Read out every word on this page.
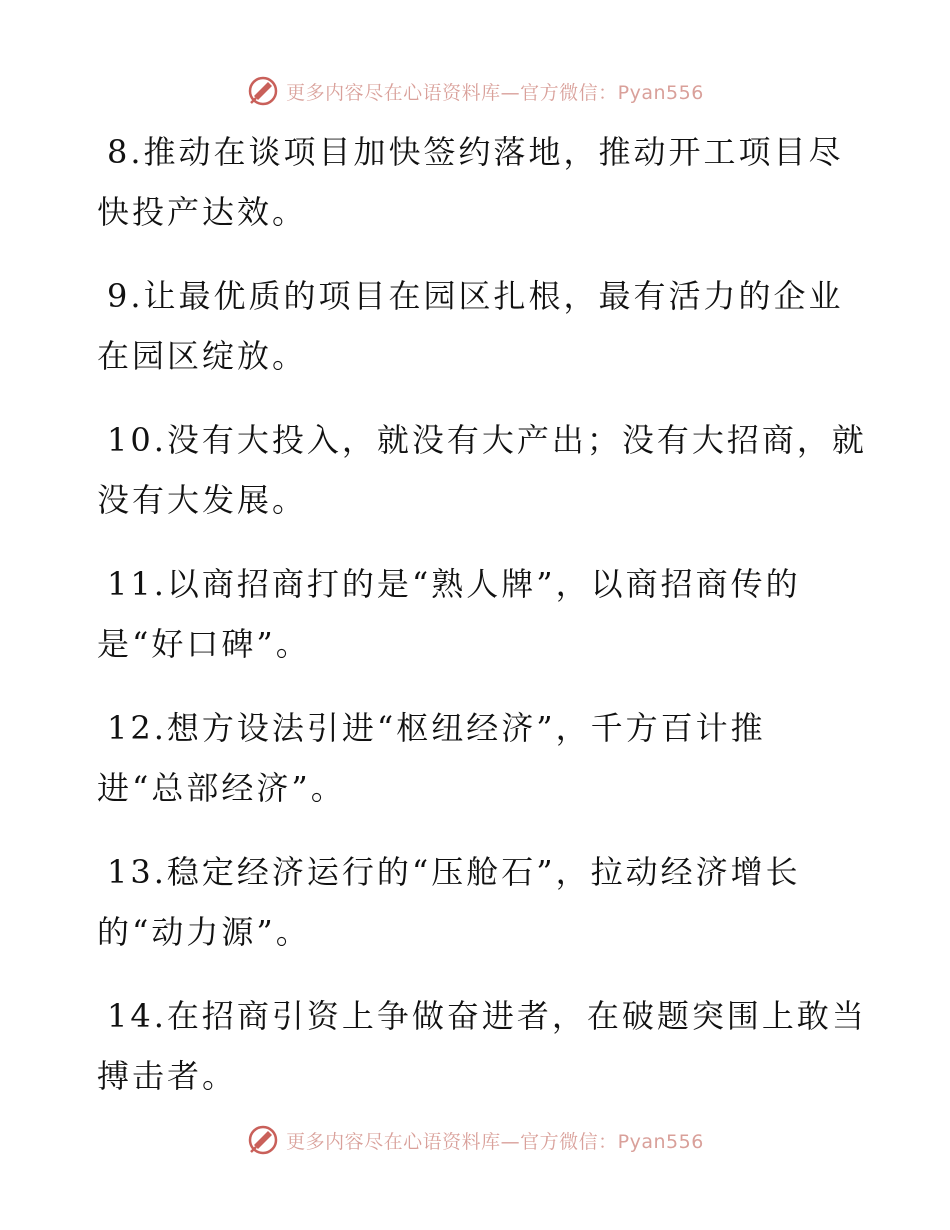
更多内容尽在心语资料库—官方微信：Pyan556

8.推动在谈项目加快签约落地，推动开工项目尽
快投产达效。

9.让最优质的项目在园区扎根，最有活力的企业
在园区绽放。

10.没有大投入，就没有大产出；没有大招商，就
没有大发展。

11.以商招商打的是“熟人牌”，以商招商传的
是“好口碑”。

12.想方设法引进“枢纽经济”，千方百计推
进“总部经济”。

13.稳定经济运行的“压舱石”，拉动经济增长
的“动力源”。

14.在招商引资上争做奋进者，在破题突围上敢当
搏击者。

更多内容尽在心语资料库—官方微信：Pyan556
